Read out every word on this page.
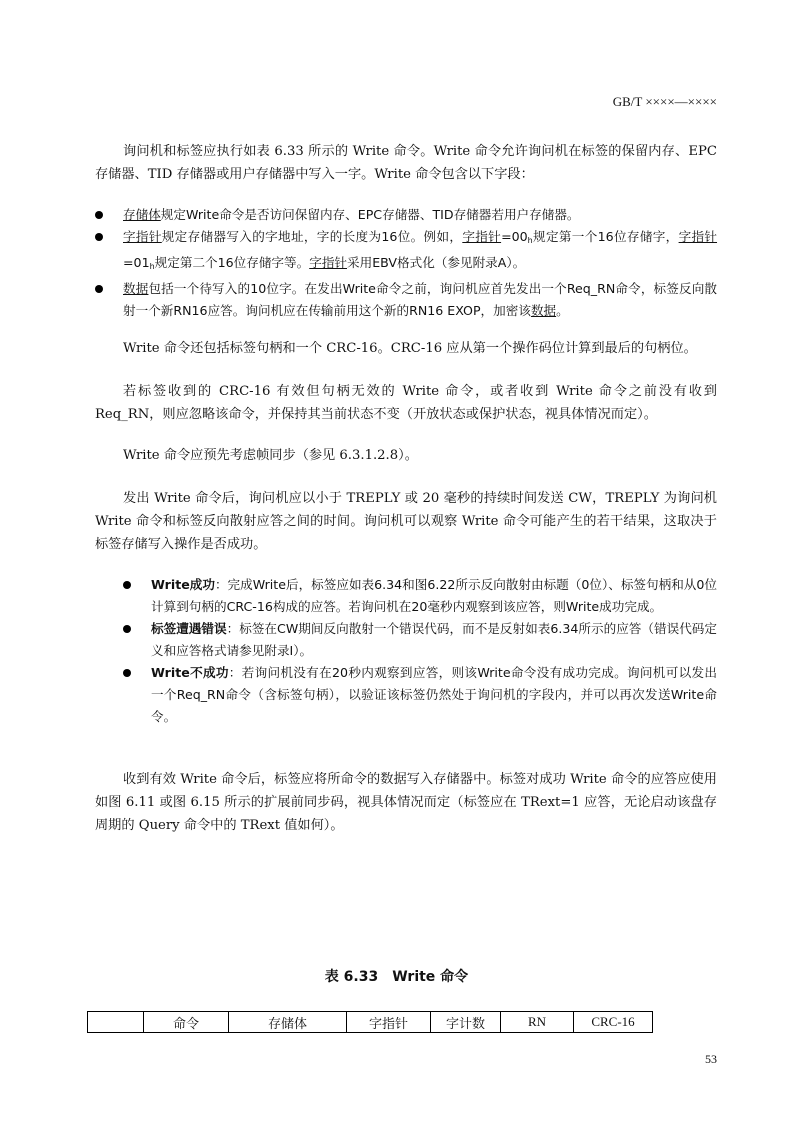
GB/T ××××—××××
询问机和标签应执行如表 6.33 所示的 Write 命令。Write 命令允许询问机在标签的保留内存、EPC 存储器、TID 存储器或用户存储器中写入一字。Write 命令包含以下字段：
存储体规定Write命令是否访问保留内存、EPC存储器、TID存储器若用户存储器。
字指针规定存储器写入的字地址，字的长度为16位。例如，字指针$=00_h$规定第一个16位存储字，字指针$=01_h$规定第二个16位存储字等。字指针采用EBV格式化（参见附录A）。
数据包括一个待写入的10位字。在发出Write命令之前，询问机应首先发出一个Req_RN命令，标签反向散射一个新RN16应答。询问机应在传输前用这个新的RN16 EXOP，加密该数据。
Write 命令还包括标签句柄和一个 CRC-16。CRC-16 应从第一个操作码位计算到最后的句柄位。
若标签收到的 CRC-16 有效但句柄无效的 Write 命令，或者收到 Write 命令之前没有收到 Req_RN，则应忽略该命令，并保持其当前状态不变（开放状态或保护状态，视具体情况而定）。
Write 命令应预先考虑帧同步（参见 6.3.1.2.8）。
发出 Write 命令后，询问机应以小于 TREPLY 或 20 毫秒的持续时间发送 CW，TREPLY 为询问机 Write 命令和标签反向散射应答之间的时间。询问机可以观察 Write 命令可能产生的若干结果，这取决于标签存储写入操作是否成功。
Write成功：完成Write后，标签应如表6.34和图6.22所示反向散射由标题（0位）、标签句柄和从0位计算到句柄的CRC-16构成的应答。若询问机在20毫秒内观察到该应答，则Write成功完成。
标签遭遇错误：标签在CW期间反向散射一个错误代码，而不是反射如表6.34所示的应答（错误代码定义和应答格式请参见附录I）。
Write不成功：若询问机没有在20秒内观察到应答，则该Write命令没有成功完成。询问机可以发出一个Req_RN命令（含标签句柄），以验证该标签仍然处于询问机的字段内，并可以再次发送Write命令。
收到有效 Write 命令后，标签应将所命令的数据写入存储器中。标签对成功 Write 命令的应答应使用如图 6.11 或图 6.15 所示的扩展前同步码，视具体情况而定（标签应在 TRext=1 应答，无论启动该盘存周期的 Query 命令中的 TRext 值如何）。
表 6.33　Write 命令
	命令	存储体	字指针	字计数	RN	CRC-16
53
